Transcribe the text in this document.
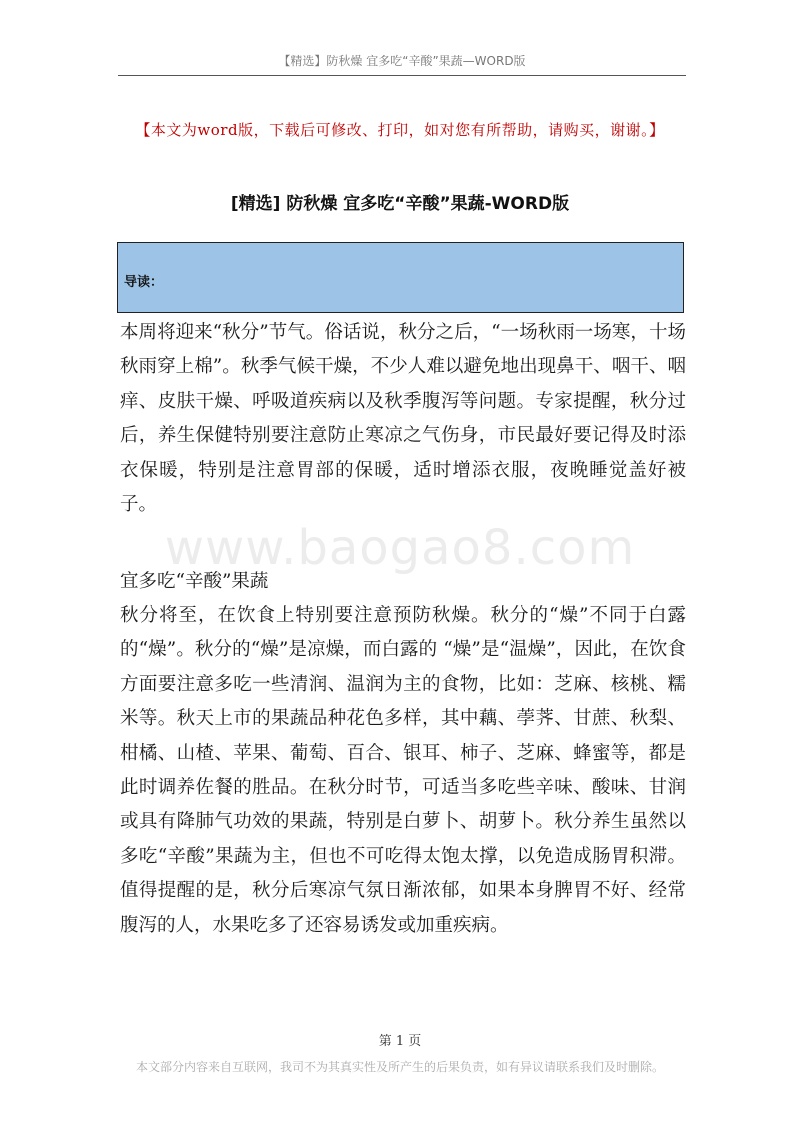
【精选】防秋燥 宜多吃“辛酸”果蔬—WORD版
【本文为word版，下载后可修改、打印，如对您有所帮助，请购买，谢谢。】
[精选] 防秋燥 宜多吃“辛酸”果蔬-WORD版
导读：
本周将迎来“秋分”节气。俗话说，秋分之后，“一场秋雨一场寒，十场秋雨穿上棉”。秋季气候干燥，不少人难以避免地出现鼻干、咽干、咽痒、皮肤干燥、呼吸道疾病以及秋季腹泻等问题。专家提醒，秋分过后，养生保健特别要注意防止寒凉之气伤身，市民最好要记得及时添衣保暖，特别是注意胃部的保暖，适时增添衣服，夜晚睡觉盖好被子。
www.baogao8.com
宜多吃“辛酸”果蔬
秋分将至，在饮食上特别要注意预防秋燥。秋分的“燥”不同于白露的“燥”。秋分的“燥”是凉燥，而白露的 “燥”是“温燥”，因此，在饮食方面要注意多吃一些清润、温润为主的食物，比如：芝麻、核桃、糯米等。秋天上市的果蔬品种花色多样，其中藕、荸荠、甘蔗、秋梨、柑橘、山楂、苹果、葡萄、百合、银耳、柿子、芝麻、蜂蜜等，都是此时调养佐餐的胜品。在秋分时节，可适当多吃些辛味、酸味、甘润或具有降肺气功效的果蔬，特别是白萝卜、胡萝卜。秋分养生虽然以多吃“辛酸”果蔬为主，但也不可吃得太饱太撑，以免造成肠胃积滞。值得提醒的是，秋分后寒凉气氛日渐浓郁，如果本身脾胃不好、经常腹泻的人，水果吃多了还容易诱发或加重疾病。
第 1 页
本文部分内容来自互联网，我司不为其真实性及所产生的后果负责，如有异议请联系我们及时删除。
